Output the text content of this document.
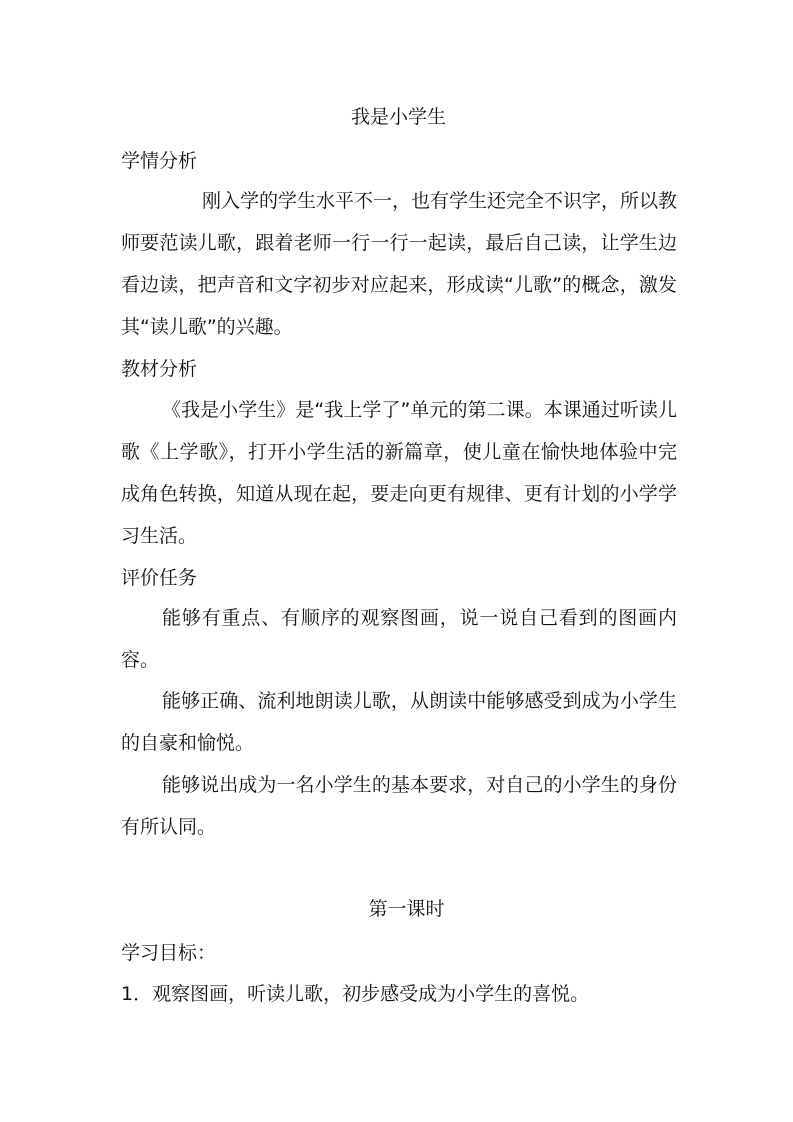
我是小学生
学情分析

刚入学的学生水平不一，也有学生还完全不识字，所以教师要范读儿歌，跟着老师一行一行一起读，最后自己读，让学生边看边读，把声音和文字初步对应起来，形成读“儿歌”的概念，激发其“读儿歌”的兴趣。

教材分析

《我是小学生》是“我上学了”单元的第二课。本课通过听读儿歌《上学歌》，打开小学生活的新篇章，使儿童在愉快地体验中完成角色转换，知道从现在起，要走向更有规律、更有计划的小学学习生活。

评价任务

能够有重点、有顺序的观察图画，说一说自己看到的图画内容。

能够正确、流利地朗读儿歌，从朗读中能够感受到成为小学生的自豪和愉悦。

能够说出成为一名小学生的基本要求，对自己的小学生的身份有所认同。

第一课时
学习目标：
1．观察图画，听读儿歌，初步感受成为小学生的喜悦。
